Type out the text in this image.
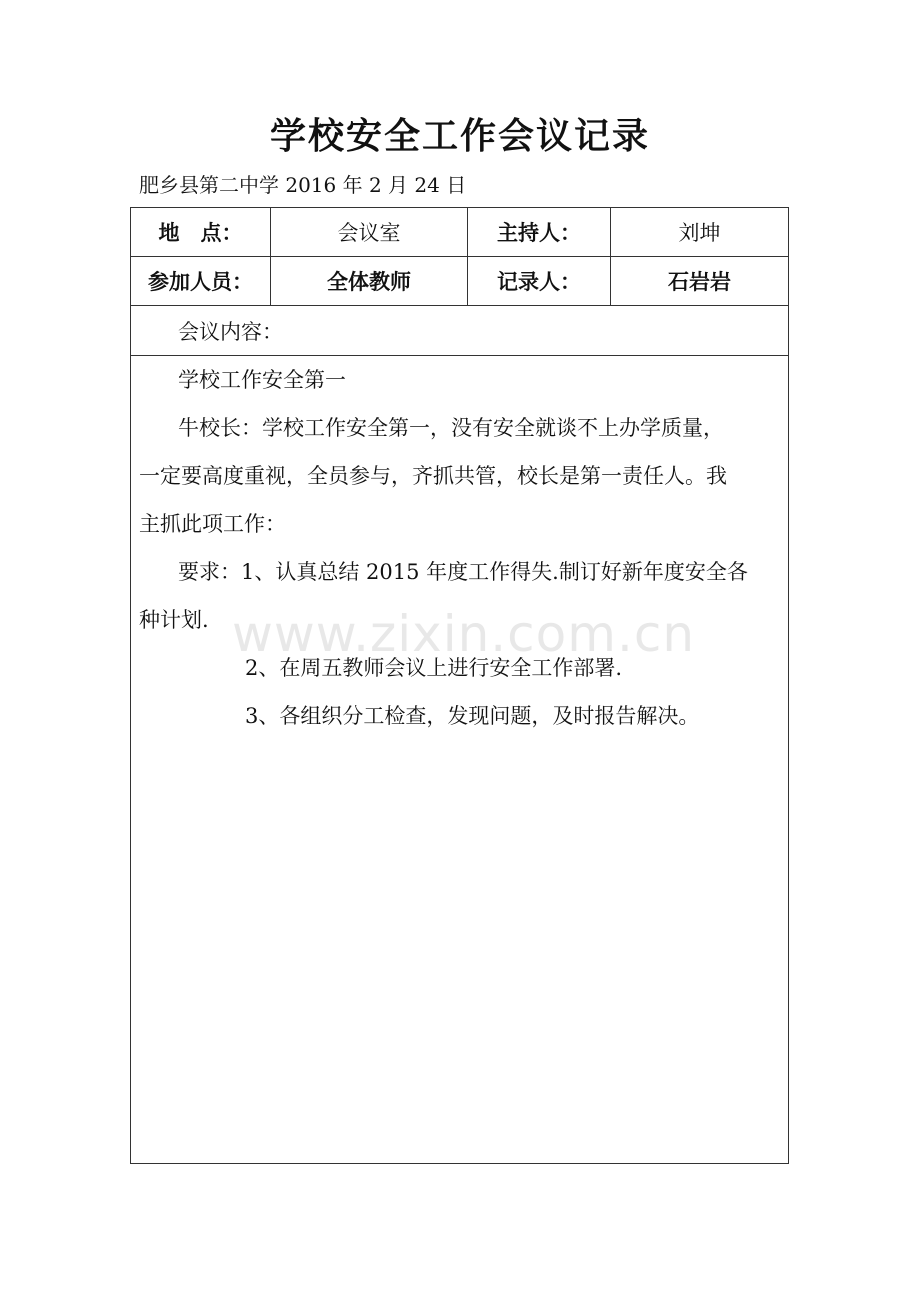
学校安全工作会议记录
肥乡县第二中学 2016 年 2 月 24 日
地　点：	会议室	主持人：	刘坤
参加人员：	全体教师	记录人：	石岩岩
会议内容：

学校工作安全第一

牛校长：学校工作安全第一，没有安全就谈不上办学质量，

一定要高度重视，全员参与，齐抓共管，校长是第一责任人。我

主抓此项工作：

要求：1、认真总结 2015 年度工作得失.制订好新年度安全各

种计划.

2、在周五教师会议上进行安全工作部署.

3、各组织分工检查，发现问题，及时报告解决。

www.zixin.com.cn
